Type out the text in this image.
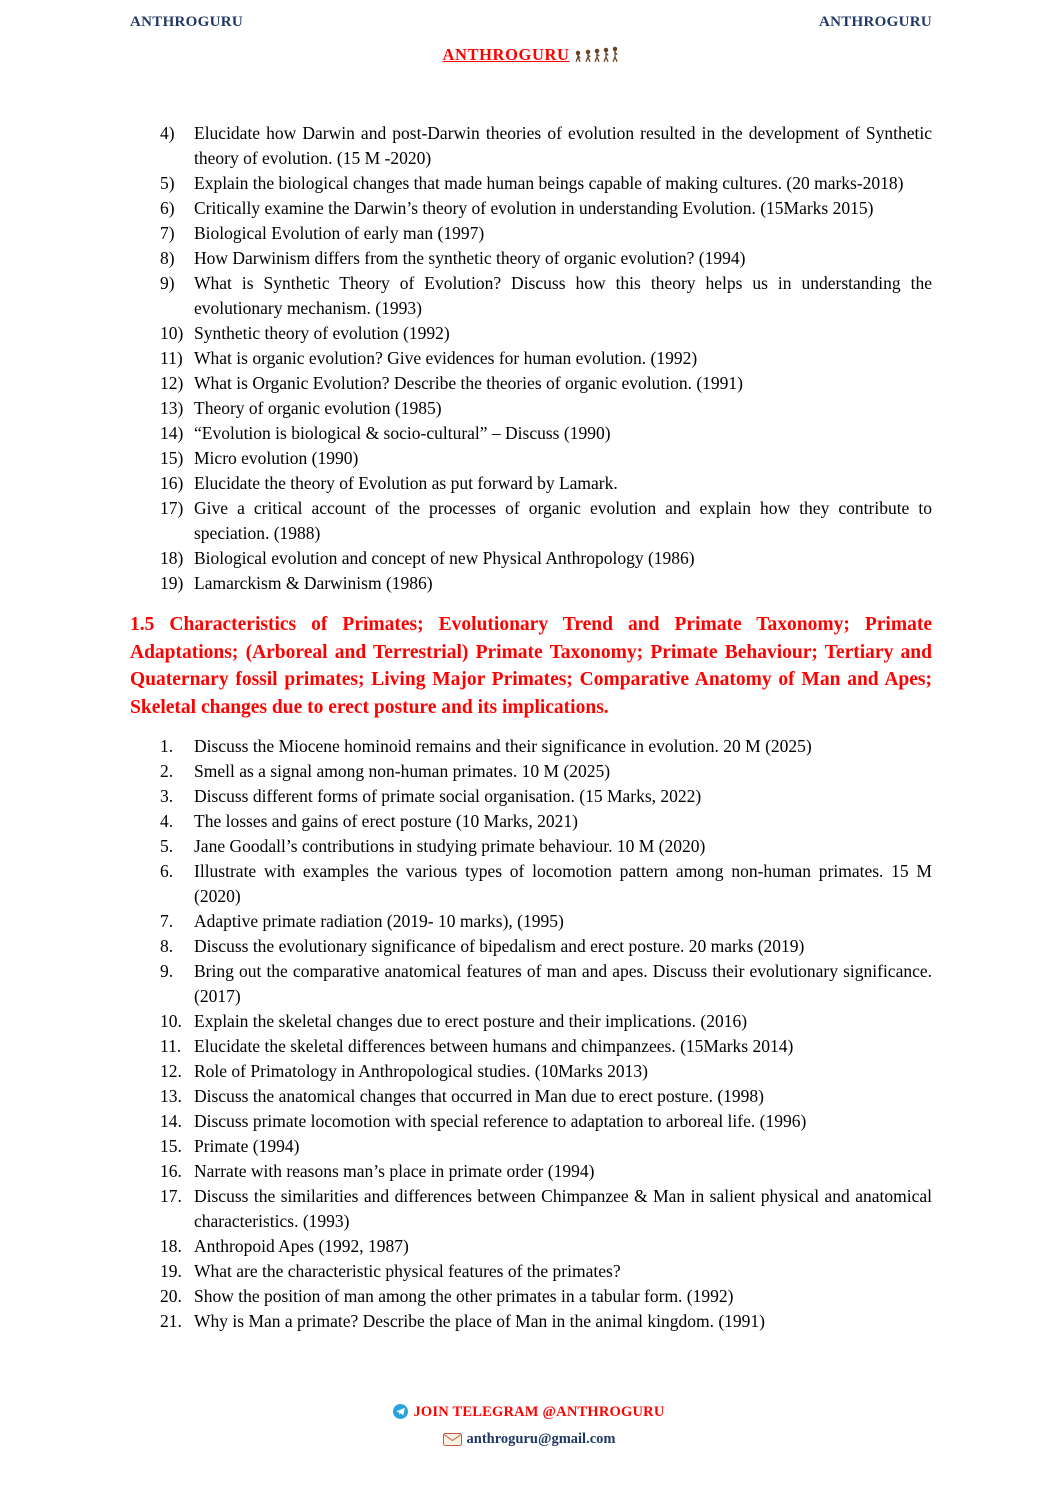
ANTHROGURU	ANTHROGURU
ANTHROGURU
4)	Elucidate how Darwin and post-Darwin theories of evolution resulted in the development of Synthetic theory of evolution. (15 M -2020)
5)	Explain the biological changes that made human beings capable of making cultures. (20 marks-2018)
6)	Critically examine the Darwin’s theory of evolution in understanding Evolution. (15Marks 2015)
7)	Biological Evolution of early man (1997)
8)	How Darwinism differs from the synthetic theory of organic evolution? (1994)
9)	What is Synthetic Theory of Evolution? Discuss how this theory helps us in understanding the evolutionary mechanism. (1993)
10) Synthetic theory of evolution (1992)
11) What is organic evolution? Give evidences for human evolution. (1992)
12) What is Organic Evolution? Describe the theories of organic evolution. (1991)
13) Theory of organic evolution (1985)
14) “Evolution is biological & socio-cultural” – Discuss (1990)
15) Micro evolution (1990)
16) Elucidate the theory of Evolution as put forward by Lamark.
17) Give a critical account of the processes of organic evolution and explain how they contribute to speciation. (1988)
18) Biological evolution and concept of new Physical Anthropology (1986)
19) Lamarckism & Darwinism (1986)
1.5 Characteristics of Primates; Evolutionary Trend and Primate Taxonomy; Primate Adaptations; (Arboreal and Terrestrial) Primate Taxonomy; Primate Behaviour; Tertiary and Quaternary fossil primates; Living Major Primates; Comparative Anatomy of Man and Apes; Skeletal changes due to erect posture and its implications.
1.	Discuss the Miocene hominoid remains and their significance in evolution. 20 M (2025)
2.	Smell as a signal among non-human primates. 10 M (2025)
3.	Discuss different forms of primate social organisation. (15 Marks, 2022)
4.	The losses and gains of erect posture (10 Marks, 2021)
5.	Jane Goodall’s contributions in studying primate behaviour. 10 M (2020)
6.	Illustrate with examples the various types of locomotion pattern among non-human primates. 15 M (2020)
7.	Adaptive primate radiation (2019- 10 marks), (1995)
8.	Discuss the evolutionary significance of bipedalism and erect posture. 20 marks (2019)
9.	Bring out the comparative anatomical features of man and apes. Discuss their evolutionary significance. (2017)
10. Explain the skeletal changes due to erect posture and their implications. (2016)
11. Elucidate the skeletal differences between humans and chimpanzees. (15Marks 2014)
12. Role of Primatology in Anthropological studies. (10Marks 2013)
13. Discuss the anatomical changes that occurred in Man due to erect posture. (1998)
14. Discuss primate locomotion with special reference to adaptation to arboreal life. (1996)
15. Primate (1994)
16. Narrate with reasons man’s place in primate order (1994)
17. Discuss the similarities and differences between Chimpanzee & Man in salient physical and anatomical characteristics. (1993)
18. Anthropoid Apes (1992, 1987)
19. What are the characteristic physical features of the primates?
20. Show the position of man among the other primates in a tabular form. (1992)
21. Why is Man a primate? Describe the place of Man in the animal kingdom. (1991)
JOIN TELEGRAM @ANTHROGURU
anthroguru@gmail.com
